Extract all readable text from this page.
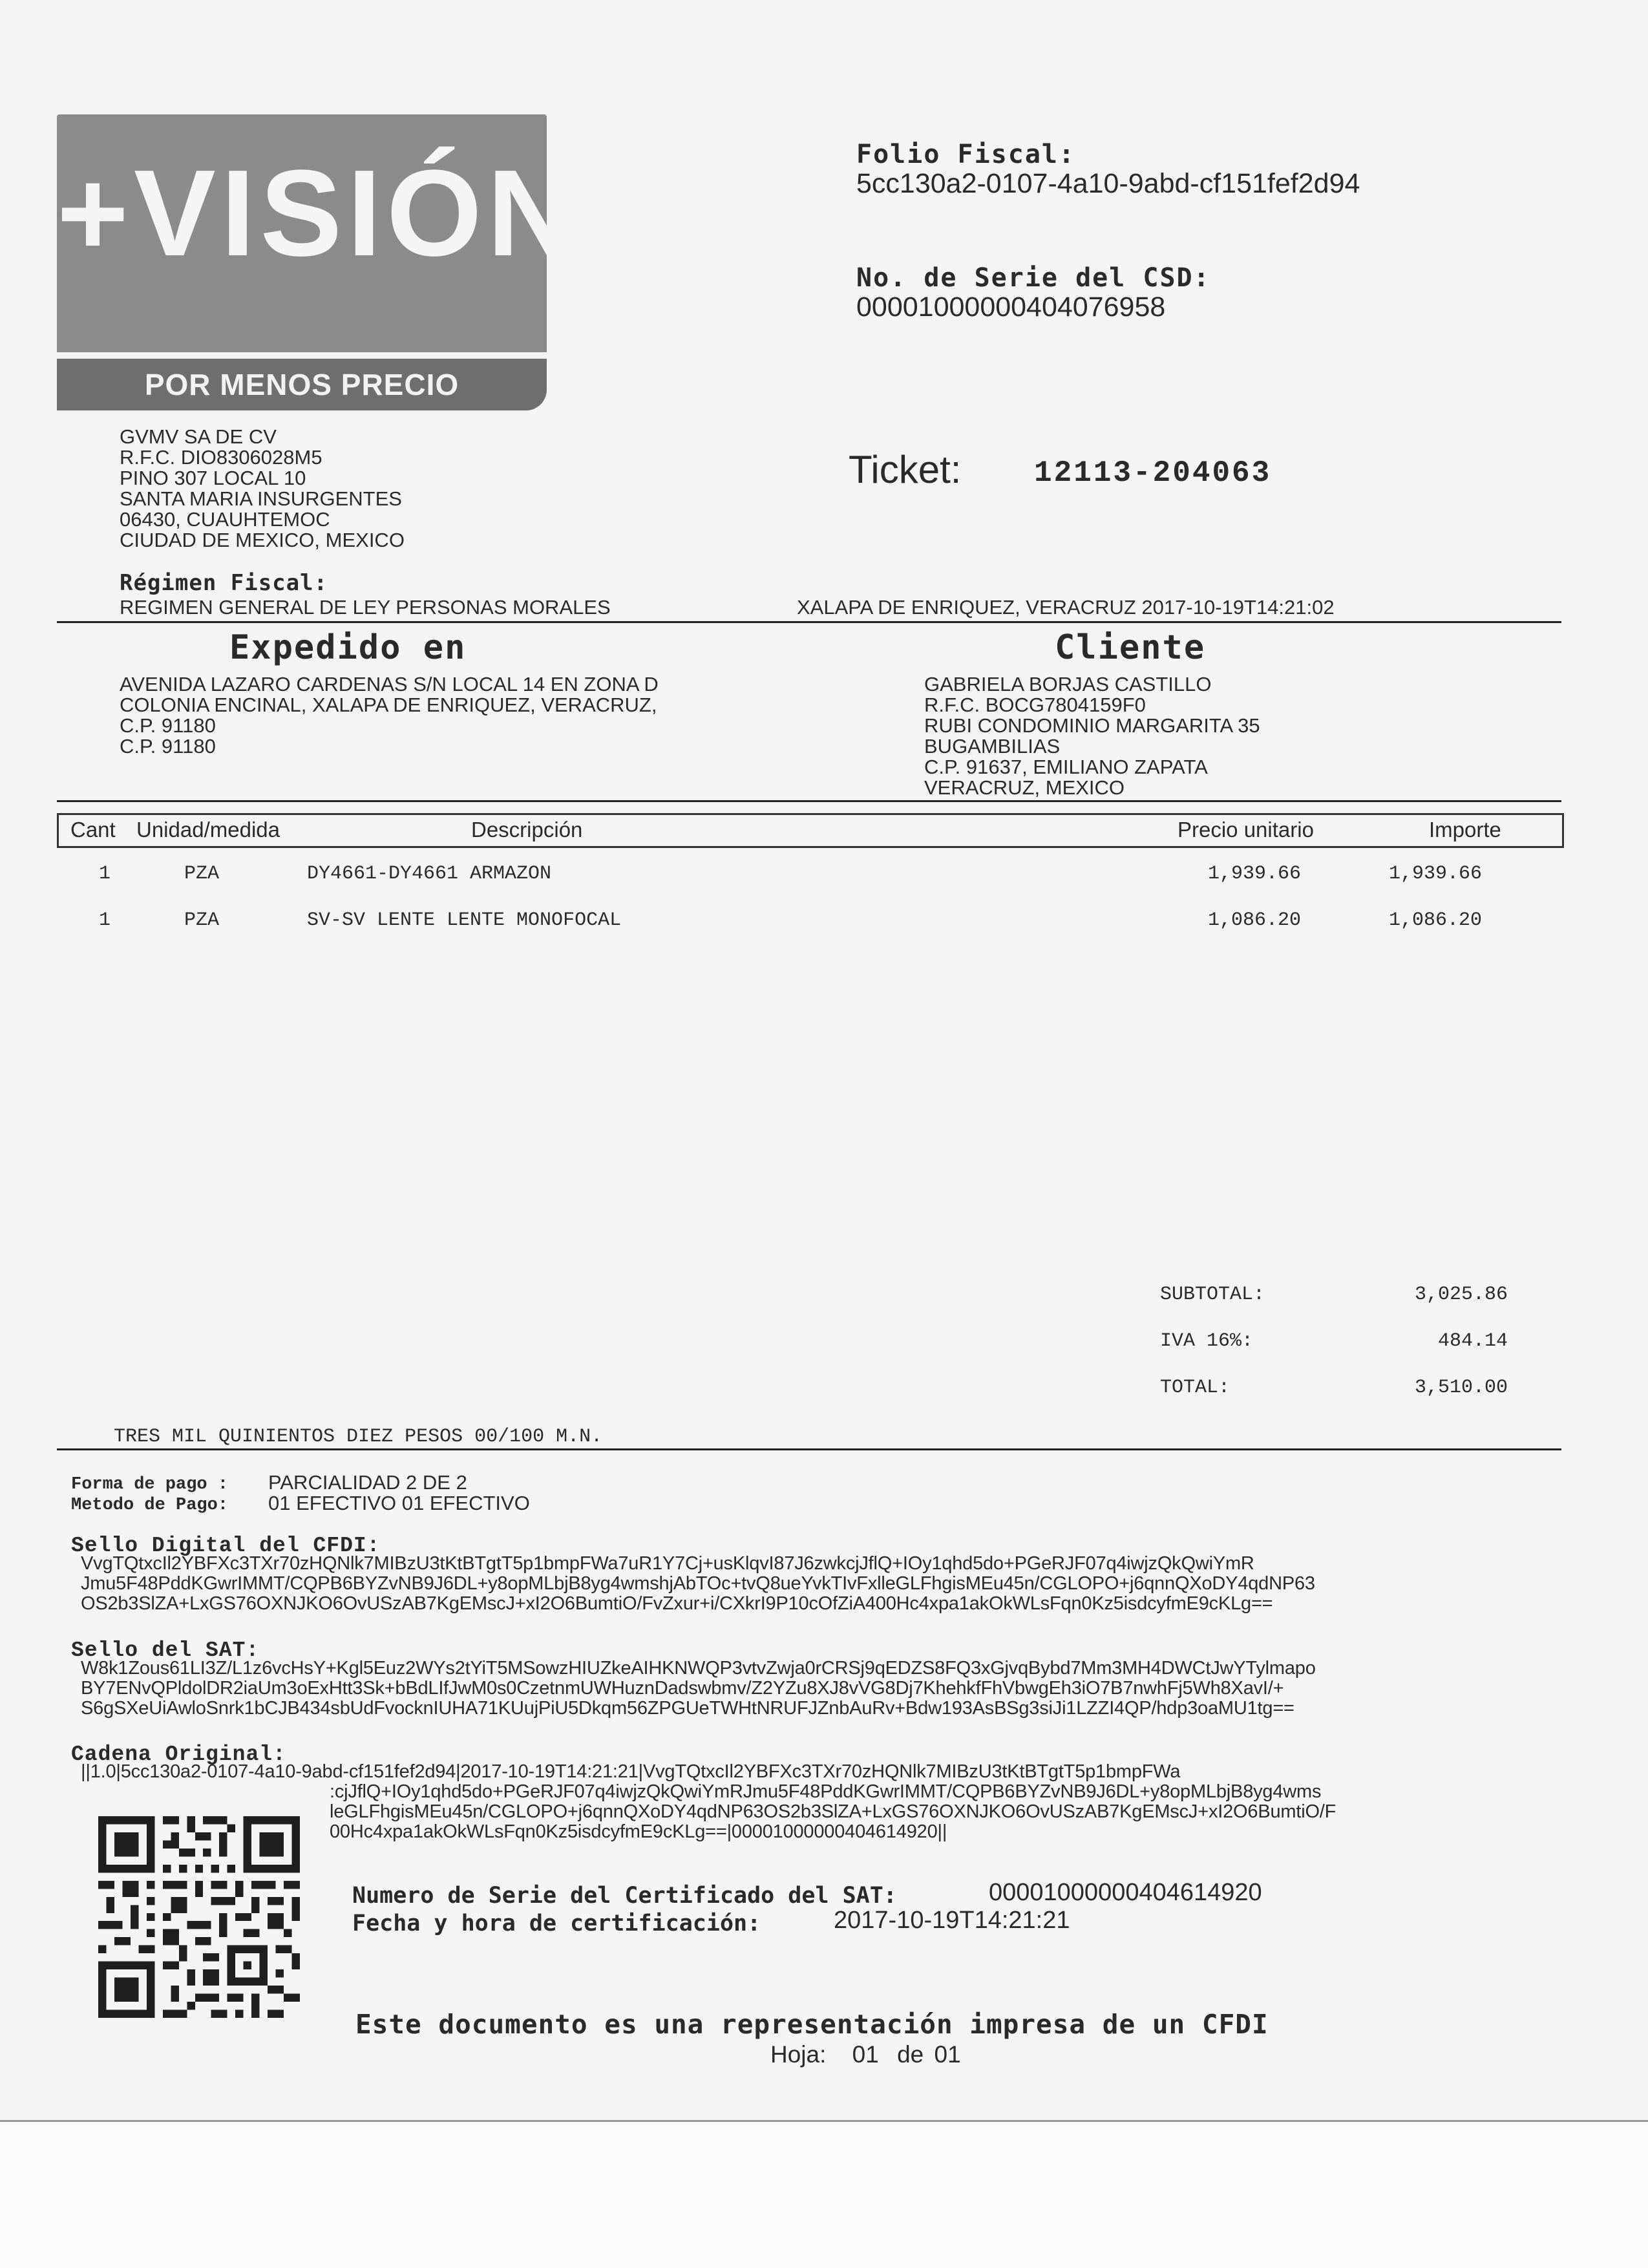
+VISIÓN
POR MENOS PRECIO
Folio Fiscal:
5cc130a2-0107-4a10-9abd-cf151fef2d94
No. de Serie del CSD:
00001000000404076958
Ticket: 12113-204063
GVMV SA DE CV
R.F.C. DIO8306028M5
PINO 307 LOCAL 10
SANTA MARIA INSURGENTES
06430, CUAUHTEMOC
CIUDAD DE MEXICO, MEXICO
Régimen Fiscal:
REGIMEN GENERAL DE LEY PERSONAS MORALES	XALAPA DE ENRIQUEZ, VERACRUZ 2017-10-19T14:21:02
Expedido en
AVENIDA LAZARO CARDENAS S/N LOCAL 14 EN ZONA D
COLONIA ENCINAL, XALAPA DE ENRIQUEZ, VERACRUZ,
C.P. 91180
C.P. 91180
Cliente
GABRIELA BORJAS CASTILLO
R.F.C. BOCG7804159F0
RUBI CONDOMINIO MARGARITA 35
BUGAMBILIAS
C.P. 91637, EMILIANO ZAPATA
VERACRUZ, MEXICO
Cant Unidad/medida	Descripción	Precio unitario	Importe
1	PZA	DY4661-DY4661 ARMAZON	1,939.66	1,939.66
1	PZA	SV-SV LENTE LENTE MONOFOCAL	1,086.20	1,086.20
SUBTOTAL:	3,025.86
IVA 16%:	484.14
TOTAL:	3,510.00
TRES MIL QUINIENTOS DIEZ PESOS 00/100 M.N.
Forma de pago : PARCIALIDAD 2 DE 2
Metodo de Pago: 01 EFECTIVO 01 EFECTIVO
Sello Digital del CFDI:
VvgTQtxcIl2YBFXc3TXr70zHQNlk7MIBzU3tKtBTgtT5p1bmpFWa7uR1Y7Cj+usKlqvI87J6zwkcjJflQ+IOy1qhd5do+PGeRJF07q4iwjzQkQwiYmR
Jmu5F48PddKGwrIMMT/CQPB6BYZvNB9J6DL+y8opMLbjB8yg4wmshjAbTOc+tvQ8ueYvkTIvFxlleGLFhgisMEu45n/CGLOPO+j6qnnQXoDY4qdNP63
OS2b3SlZA+LxGS76OXNJKO6OvUSzAB7KgEMscJ+xI2O6BumtiO/FvZxur+i/CXkrI9P10cOfZiA400Hc4xpa1akOkWLsFqn0Kz5isdcyfmE9cKLg==
Sello del SAT:
W8k1Zous61LI3Z/L1z6vcHsY+Kgl5Euz2WYs2tYiT5MSowzHIUZkeAIHKNWQP3vtvZwja0rCRSj9qEDZS8FQ3xGjvqBybd7Mm3MH4DWCtJwYTylmapo
BY7ENvQPldolDR2iaUm3oExHtt3Sk+bBdLIfJwM0s0CzetnmUWHuznDadswbmv/Z2YZu8XJ8vVG8Dj7KhehkfFhVbwgEh3iO7B7nwhFj5Wh8XavI/+
S6gSXeUiAwloSnrk1bCJB434sbUdFvocknIUHA71KUujPiU5Dkqm56ZPGUeTWHtNRUFJZnbAuRv+Bdw193AsBSg3siJi1LZZI4QP/hdp3oaMU1tg==
Cadena Original:
||1.0|5cc130a2-0107-4a10-9abd-cf151fef2d94|2017-10-19T14:21:21|VvgTQtxcIl2YBFXc3TXr70zHQNlk7MIBzU3tKtBTgtT5p1bmpFWa
:cjJflQ+IOy1qhd5do+PGeRJF07q4iwjzQkQwiYmRJmu5F48PddKGwrIMMT/CQPB6BYZvNB9J6DL+y8opMLbjB8yg4wms
leGLFhgisMEu45n/CGLOPO+j6qnnQXoDY4qdNP63OS2b3SlZA+LxGS76OXNJKO6OvUSzAB7KgEMscJ+xI2O6BumtiO/F
00Hc4xpa1akOkWLsFqn0Kz5isdcyfmE9cKLg==|00001000000404614920||
Numero de Serie del Certificado del SAT:	00001000000404614920
Fecha y hora de certificación:	2017-10-19T14:21:21
Este documento es una representación impresa de un CFDI
Hoja: 01 de 01
